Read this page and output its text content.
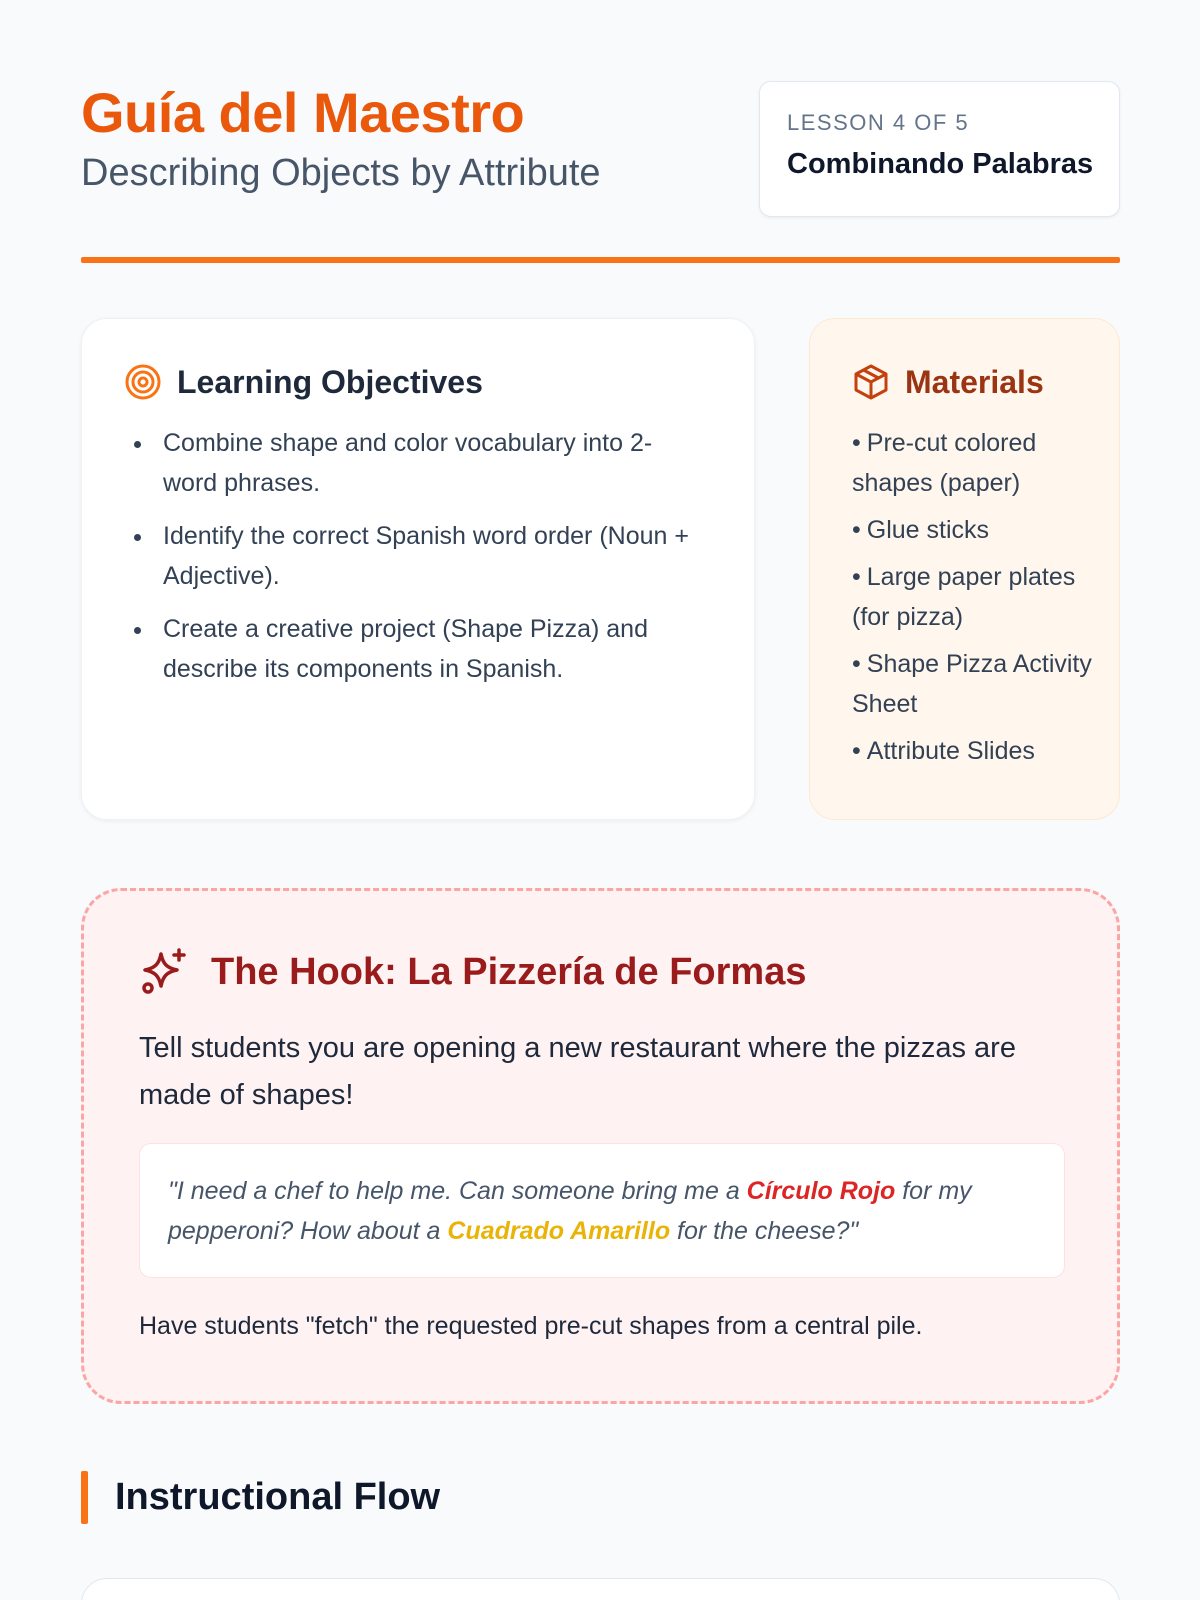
Guía del Maestro
Describing Objects by Attribute
LESSON 4 OF 5
Combinando Palabras
Learning Objectives
Combine shape and color vocabulary into 2-word phrases.
Identify the correct Spanish word order (Noun + Adjective).
Create a creative project (Shape Pizza) and describe its components in Spanish.
Materials
• Pre-cut colored shapes (paper)
• Glue sticks
• Large paper plates (for pizza)
• Shape Pizza Activity Sheet
• Attribute Slides
The Hook: La Pizzería de Formas

Tell students you are opening a new restaurant where the pizzas are made of shapes!

"I need a chef to help me. Can someone bring me a Círculo Rojo for my pepperoni? How about a Cuadrado Amarillo for the cheese?"

Have students "fetch" the requested pre-cut shapes from a central pile.

Instructional Flow
